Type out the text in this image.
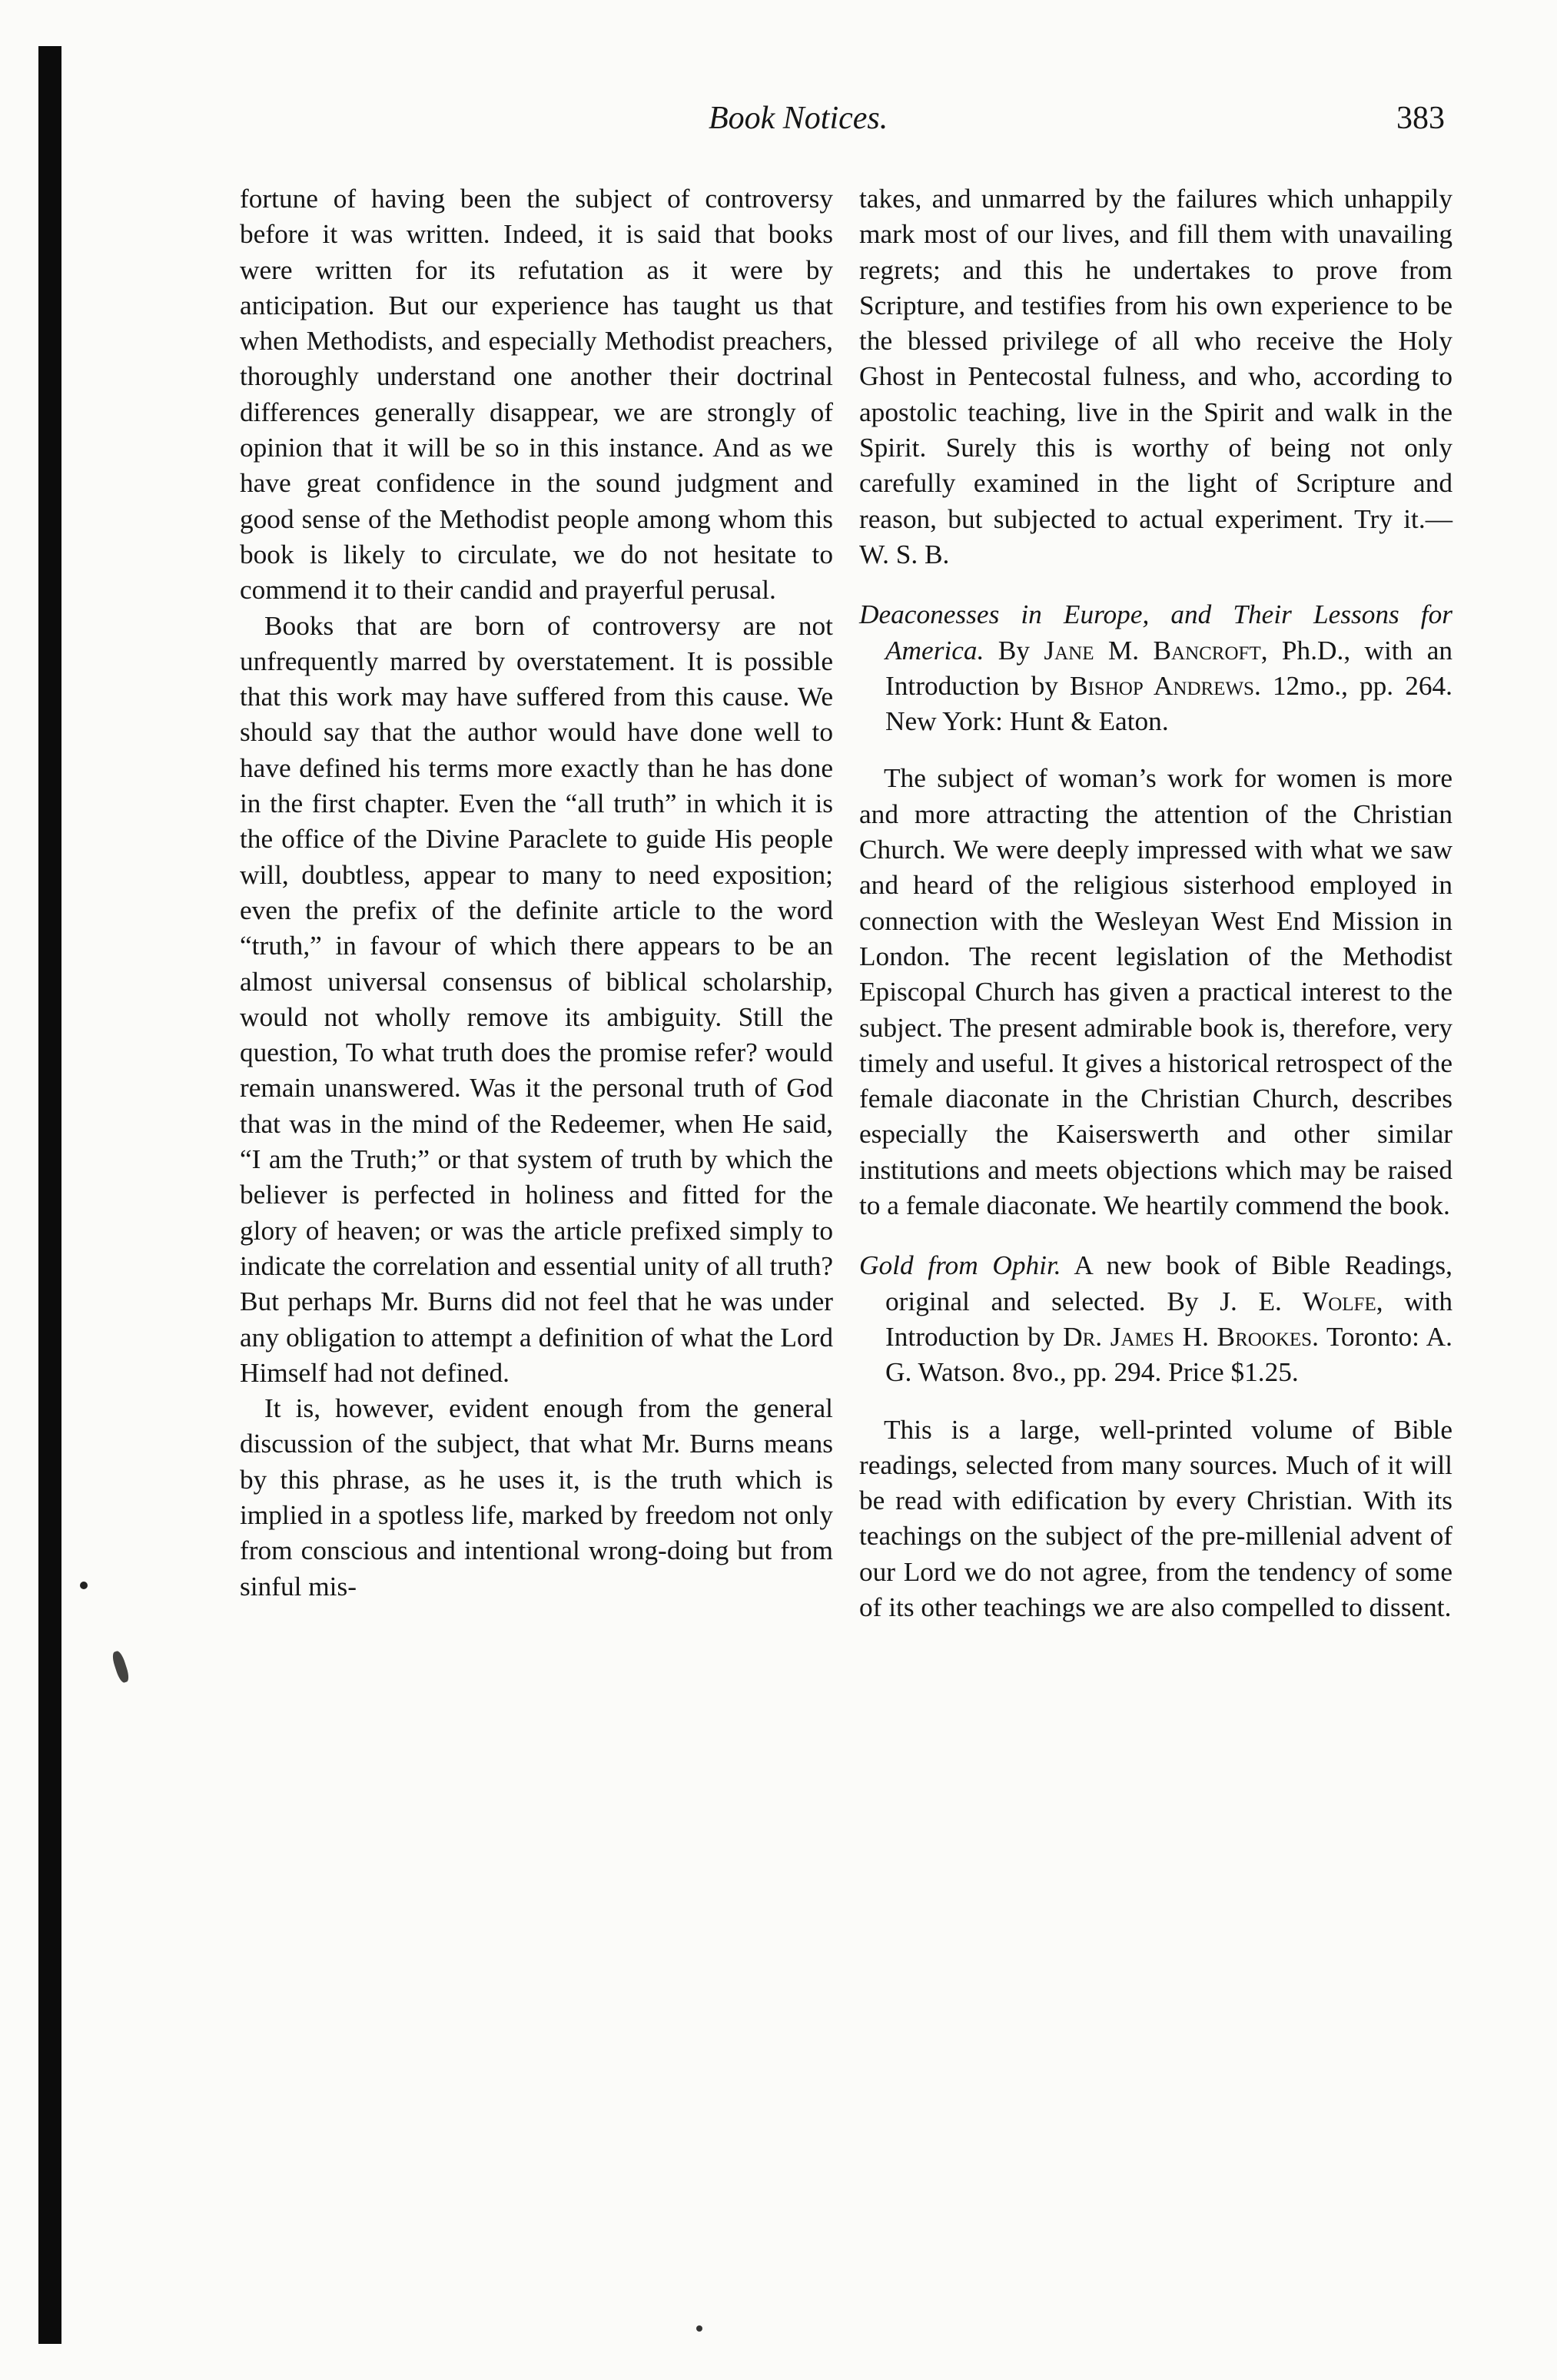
Book Notices.	383

fortune of having been the subject of controversy before it was written. Indeed, it is said that books were written for its refutation as it were by anticipation. But our experience has taught us that when Methodists, and especially Methodist preachers, thoroughly understand one another their doctrinal differences generally disappear, we are strongly of opinion that it will be so in this instance. And as we have great confidence in the sound judgment and good sense of the Methodist people among whom this book is likely to circulate, we do not hesitate to commend it to their candid and prayerful perusal.

Books that are born of controversy are not unfrequently marred by overstatement. It is possible that this work may have suffered from this cause. We should say that the author would have done well to have defined his terms more exactly than he has done in the first chapter. Even the “all truth” in which it is the office of the Divine Paraclete to guide His people will, doubtless, appear to many to need exposition; even the prefix of the definite article to the word “truth,” in favour of which there appears to be an almost universal consensus of biblical scholarship, would not wholly remove its ambiguity. Still the question, To what truth does the promise refer? would remain unanswered. Was it the personal truth of God that was in the mind of the Redeemer, when He said, “I am the Truth;” or that system of truth by which the believer is perfected in holiness and fitted for the glory of heaven; or was the article prefixed simply to indicate the correlation and essential unity of all truth? But perhaps Mr. Burns did not feel that he was under any obligation to attempt a definition of what the Lord Himself had not defined.

It is, however, evident enough from the general discussion of the subject, that what Mr. Burns means by this phrase, as he uses it, is the truth which is implied in a spotless life, marked by freedom not only from conscious and intentional wrong-doing but from sinful mis-

takes, and unmarred by the failures which unhappily mark most of our lives, and fill them with unavailing regrets; and this he undertakes to prove from Scripture, and testifies from his own experience to be the blessed privilege of all who receive the Holy Ghost in Pentecostal fulness, and who, according to apostolic teaching, live in the Spirit and walk in the Spirit. Surely this is worthy of being not only carefully examined in the light of Scripture and reason, but subjected to actual experiment. Try it.—W. S. B.

Deaconesses in Europe, and Their Lessons for America. By Jane M. Bancroft, Ph.D., with an Introduction by Bishop Andrews. 12mo., pp. 264. New York: Hunt & Eaton.

The subject of woman’s work for women is more and more attracting the attention of the Christian Church. We were deeply impressed with what we saw and heard of the religious sisterhood employed in connection with the Wesleyan West End Mission in London. The recent legislation of the Methodist Episcopal Church has given a practical interest to the subject. The present admirable book is, therefore, very timely and useful. It gives a historical retrospect of the female diaconate in the Christian Church, describes especially the Kaiserswerth and other similar institutions and meets objections which may be raised to a female diaconate. We heartily commend the book.

Gold from Ophir. A new book of Bible Readings, original and selected. By J. E. Wolfe, with Introduction by Dr. James H. Brookes. Toronto: A. G. Watson. 8vo., pp. 294. Price $1.25.

This is a large, well-printed volume of Bible readings, selected from many sources. Much of it will be read with edification by every Christian. With its teachings on the subject of the pre-millenial advent of our Lord we do not agree, from the tendency of some of its other teachings we are also compelled to dissent.
